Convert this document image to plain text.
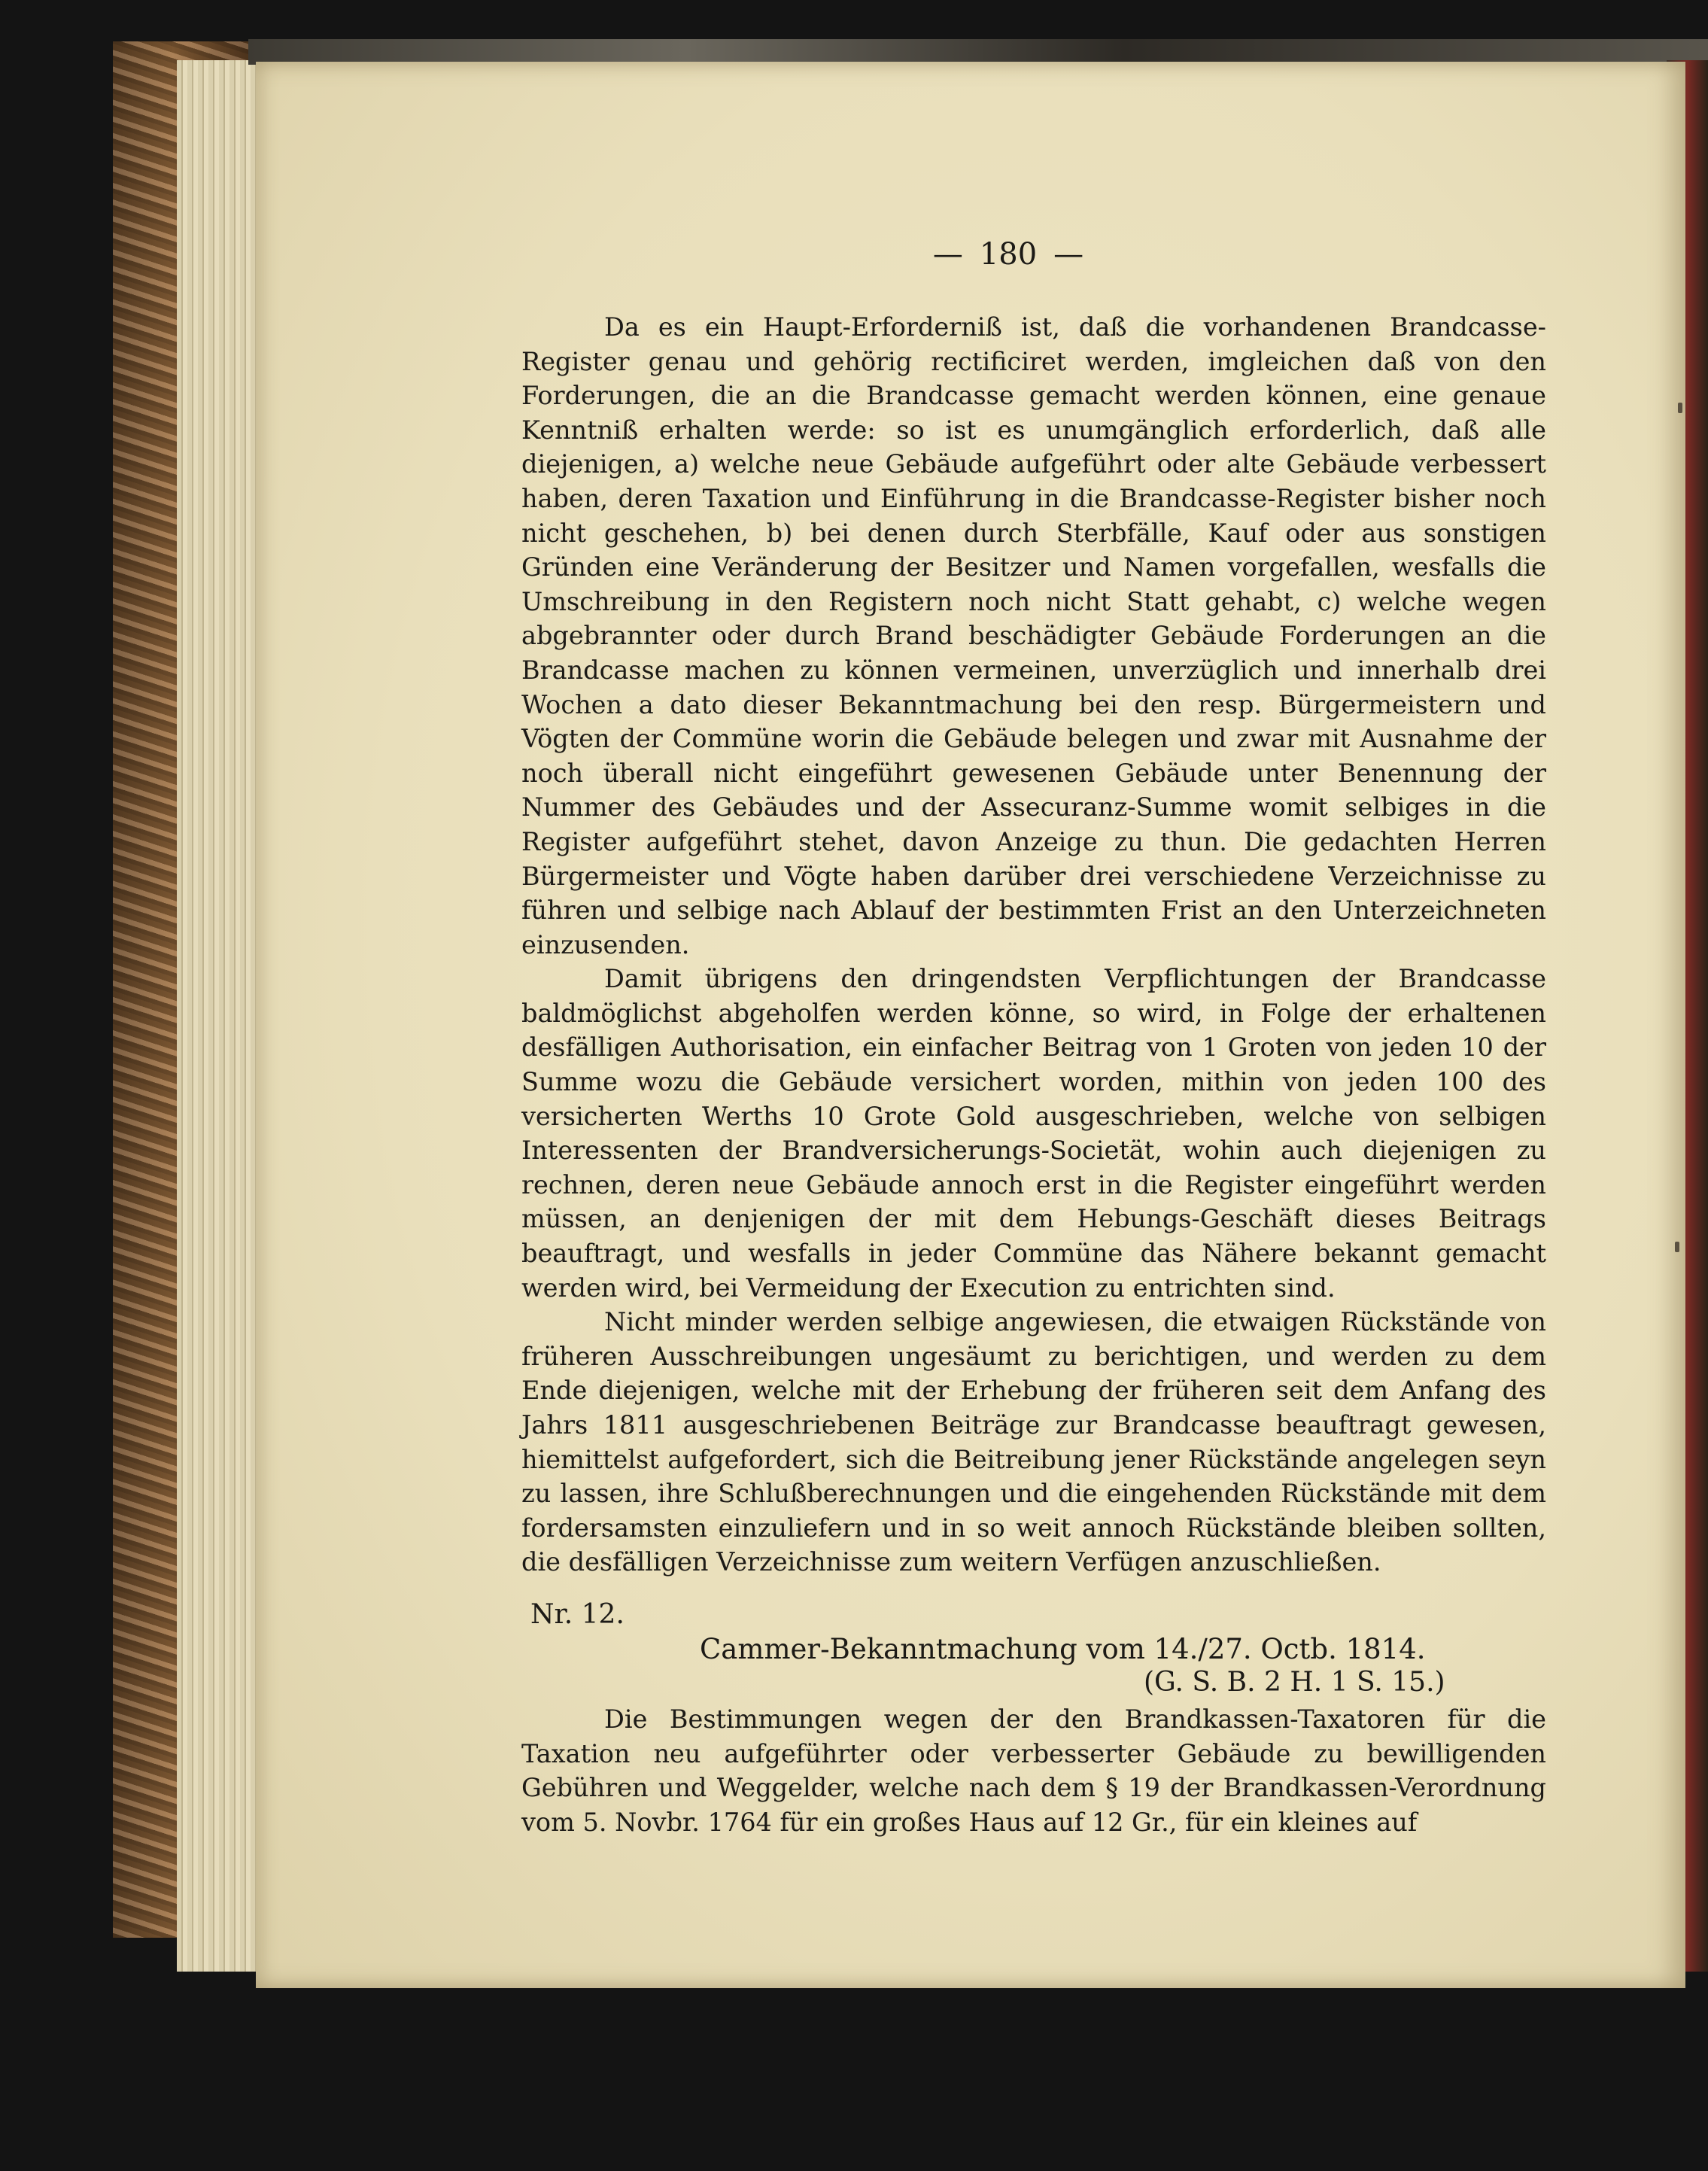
— 180 —

Da es ein Haupt-Erforderniß ist, daß die vorhandenen Brandcasse-Register genau und gehörig rectificiret werden, imgleichen daß von den Forderungen, die an die Brandcasse gemacht werden können, eine genaue Kenntniß erhalten werde: so ist es unumgänglich erforderlich, daß alle diejenigen, a) welche neue Gebäude aufgeführt oder alte Gebäude verbessert haben, deren Taxation und Einführung in die Brandcasse-Register bisher noch nicht geschehen, b) bei denen durch Sterbfälle, Kauf oder aus sonstigen Gründen eine Veränderung der Besitzer und Namen vorgefallen, wesfalls die Umschreibung in den Registern noch nicht Statt gehabt, c) welche wegen abgebrannter oder durch Brand beschädigter Gebäude Forderungen an die Brandcasse machen zu können vermeinen, unverzüglich und innerhalb drei Wochen a dato dieser Bekanntmachung bei den resp. Bürgermeistern und Vögten der Commüne worin die Gebäude belegen und zwar mit Ausnahme der noch überall nicht eingeführt gewesenen Gebäude unter Benennung der Nummer des Gebäudes und der Assecuranz-Summe womit selbiges in die Register aufgeführt stehet, davon Anzeige zu thun. Die gedachten Herren Bürgermeister und Vögte haben darüber drei verschiedene Verzeichnisse zu führen und selbige nach Ablauf der bestimmten Frist an den Unterzeichneten einzusenden.

Damit übrigens den dringendsten Verpflichtungen der Brandcasse baldmöglichst abgeholfen werden könne, so wird, in Folge der erhaltenen desfälligen Authorisation, ein einfacher Beitrag von 1 Groten von jeden 10 der Summe wozu die Gebäude versichert worden, mithin von jeden 100 des versicherten Werths 10 Grote Gold ausgeschrieben, welche von selbigen Interessenten der Brandversicherungs-Societät, wohin auch diejenigen zu rechnen, deren neue Gebäude annoch erst in die Register eingeführt werden müssen, an denjenigen der mit dem Hebungs-Geschäft dieses Beitrags beauftragt, und wesfalls in jeder Commüne das Nähere bekannt gemacht werden wird, bei Vermeidung der Execution zu entrichten sind.

Nicht minder werden selbige angewiesen, die etwaigen Rückstände von früheren Ausschreibungen ungesäumt zu berichtigen, und werden zu dem Ende diejenigen, welche mit der Erhebung der früheren seit dem Anfang des Jahrs 1811 ausgeschriebenen Beiträge zur Brandcasse beauftragt gewesen, hiemittelst aufgefordert, sich die Beitreibung jener Rückstände angelegen seyn zu lassen, ihre Schlußberechnungen und die eingehenden Rückstände mit dem fordersamsten einzuliefern und in so weit annoch Rückstände bleiben sollten, die desfälligen Verzeichnisse zum weitern Verfügen anzuschließen.

Nr. 12.
Cammer-Bekanntmachung vom 14./27. Octb. 1814.
(G. S. B. 2 H. 1 S. 15.)

Die Bestimmungen wegen der den Brandkassen-Taxatoren für die Taxation neu aufgeführter oder verbesserter Gebäude zu bewilligenden Gebühren und Weggelder, welche nach dem § 19 der Brandkassen-Verordnung vom 5. Novbr. 1764 für ein großes Haus auf 12 Gr., für ein kleines auf
